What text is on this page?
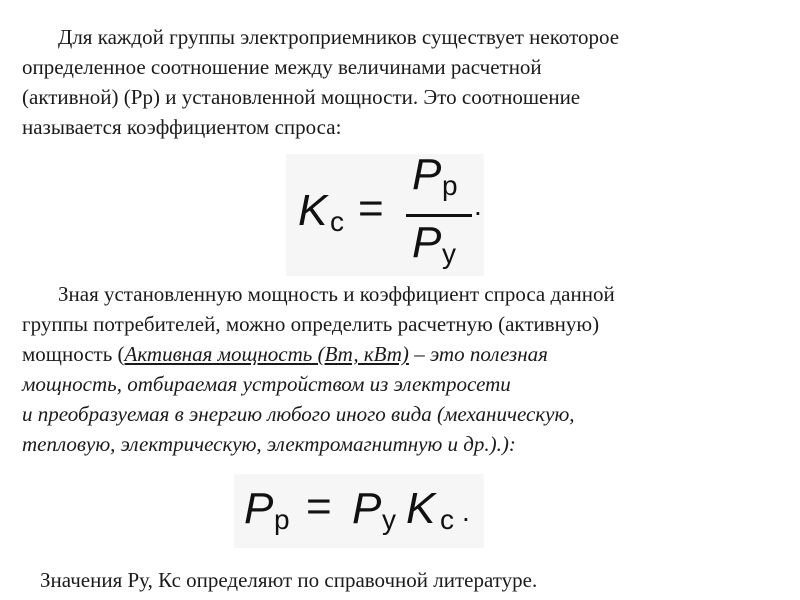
Для каждой группы электроприемников существует некоторое
определенное соотношение между величинами расчетной
(активной) (Рр) и установленной мощности. Это соотношение
называется коэффициентом спроса:
K с =
P р
P у
.
Зная установленную мощность и коэффициент спроса данной
группы потребителей, можно определить расчетную (активную)
мощность (Активная мощность (Вт, кВт) – это полезная
мощность, отбираемая устройством из электросети
и преобразуемая в энергию любого иного вида (механическую,
тепловую, электрическую, электромагнитную и др.).):
P р = P у K с .

Значения Ру, Кс определяют по справочной литературе.
